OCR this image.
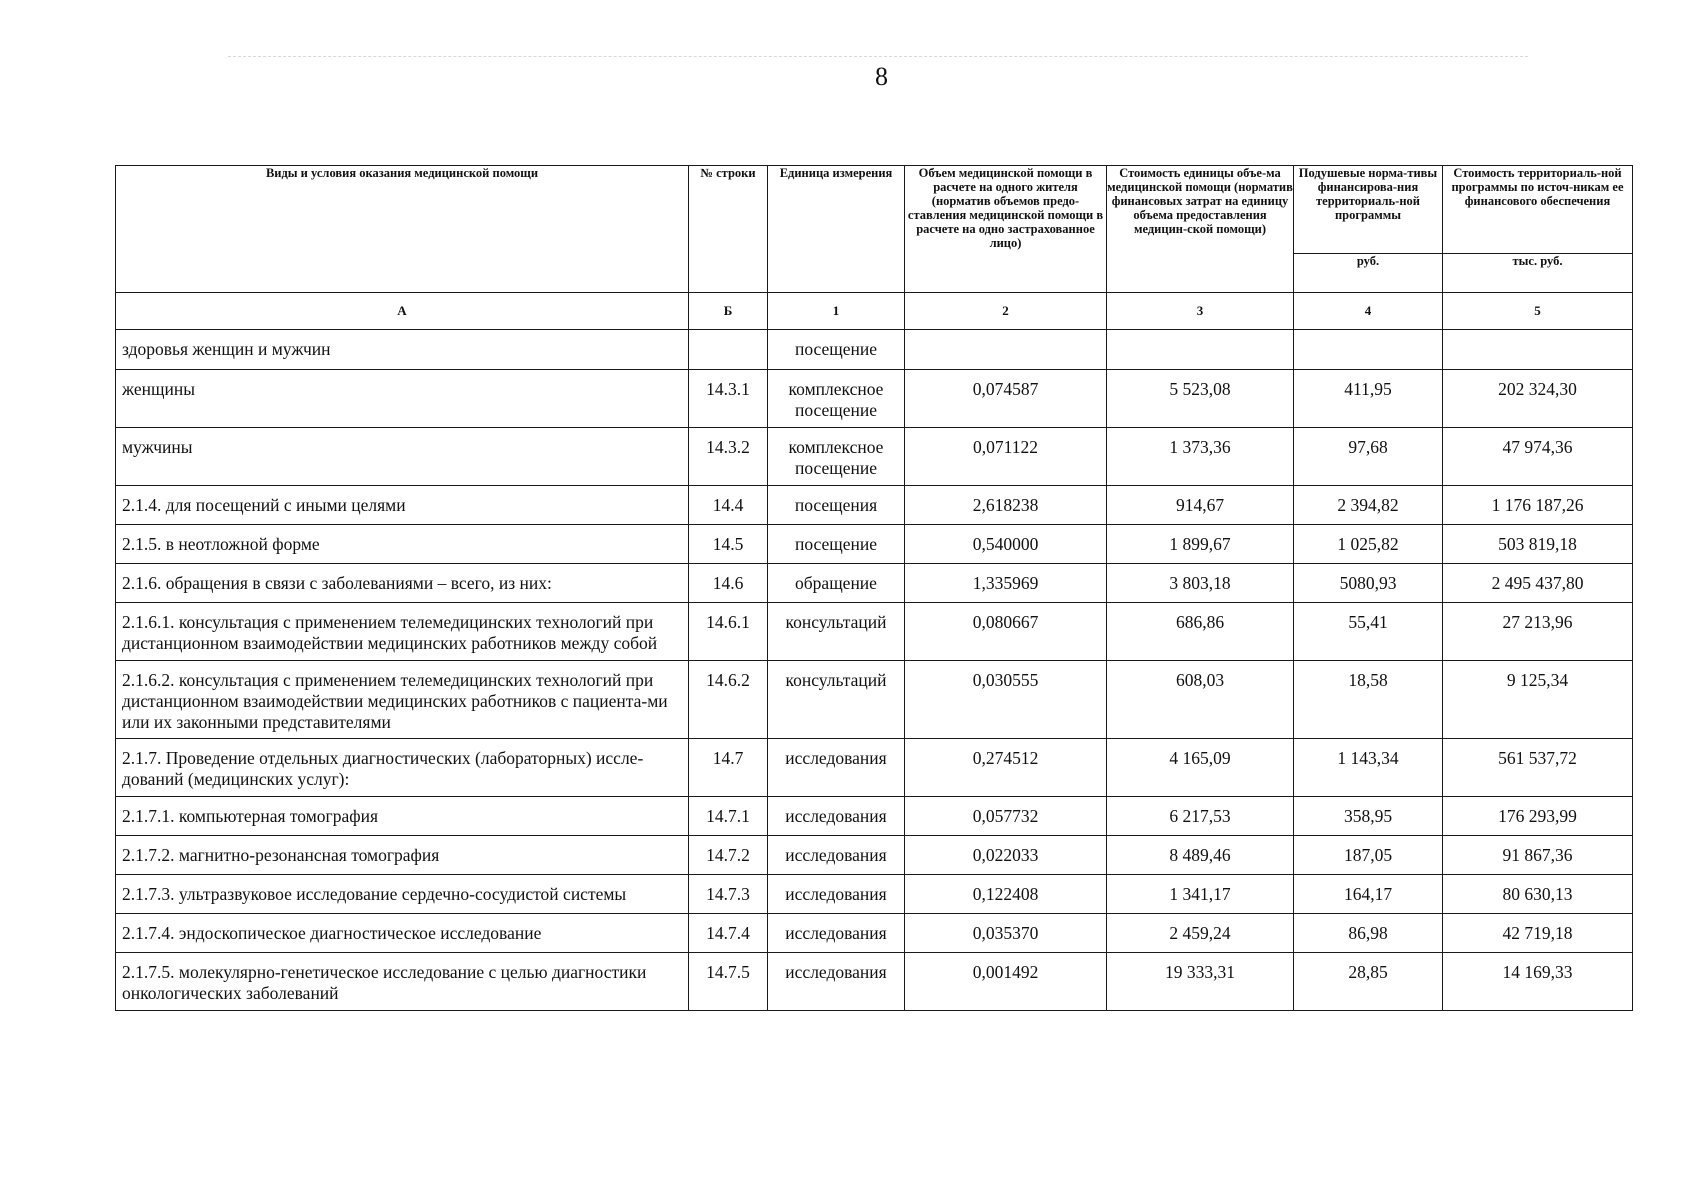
8
Виды и условия оказания медицинской помощи	№ строки	Единица измерения	Объем медицинской помощи в расчете на одного жителя (норматив объемов предо-ставления медицинской помощи в расчете на одно застрахованное лицо)	Стоимость единицы объе-ма медицинской помощи (норматив финансовых затрат на единицу объема предоставления медицин-ской помощи)	Подушевые норма-тивы финансирова-ния территориаль-ной программы	Стоимость территориаль-ной программы по источ-никам ее финансового обеспечения
					руб.	тыс. руб.
А	Б	1	2	3	4	5
здоровья женщин и мужчин		посещение				
женщины	14.3.1	комплексное посещение	0,074587	5 523,08	411,95	202 324,30
мужчины	14.3.2	комплексное посещение	0,071122	1 373,36	97,68	47 974,36
2.1.4. для посещений с иными целями	14.4	посещения	2,618238	914,67	2 394,82	1 176 187,26
2.1.5. в неотложной форме	14.5	посещение	0,540000	1 899,67	1 025,82	503 819,18
2.1.6. обращения в связи с заболеваниями – всего, из них:	14.6	обращение	1,335969	3 803,18	5080,93	2 495 437,80
2.1.6.1. консультация с применением телемедицинских технологий при дистанционном взаимодействии медицинских работников между собой	14.6.1	консультаций	0,080667	686,86	55,41	27 213,96
2.1.6.2. консультация с применением телемедицинских технологий при дистанционном взаимодействии медицинских работников с пациента-ми или их законными представителями	14.6.2	консультаций	0,030555	608,03	18,58	9 125,34
2.1.7. Проведение отдельных диагностических (лабораторных) иссле-дований (медицинских услуг):	14.7	исследования	0,274512	4 165,09	1 143,34	561 537,72
2.1.7.1. компьютерная томография	14.7.1	исследования	0,057732	6 217,53	358,95	176 293,99
2.1.7.2. магнитно-резонансная томография	14.7.2	исследования	0,022033	8 489,46	187,05	91 867,36
2.1.7.3. ультразвуковое исследование сердечно-сосудистой системы	14.7.3	исследования	0,122408	1 341,17	164,17	80 630,13
2.1.7.4. эндоскопическое диагностическое исследование	14.7.4	исследования	0,035370	2 459,24	86,98	42 719,18
2.1.7.5. молекулярно-генетическое исследование с целью диагностики онкологических заболеваний	14.7.5	исследования	0,001492	19 333,31	28,85	14 169,33
